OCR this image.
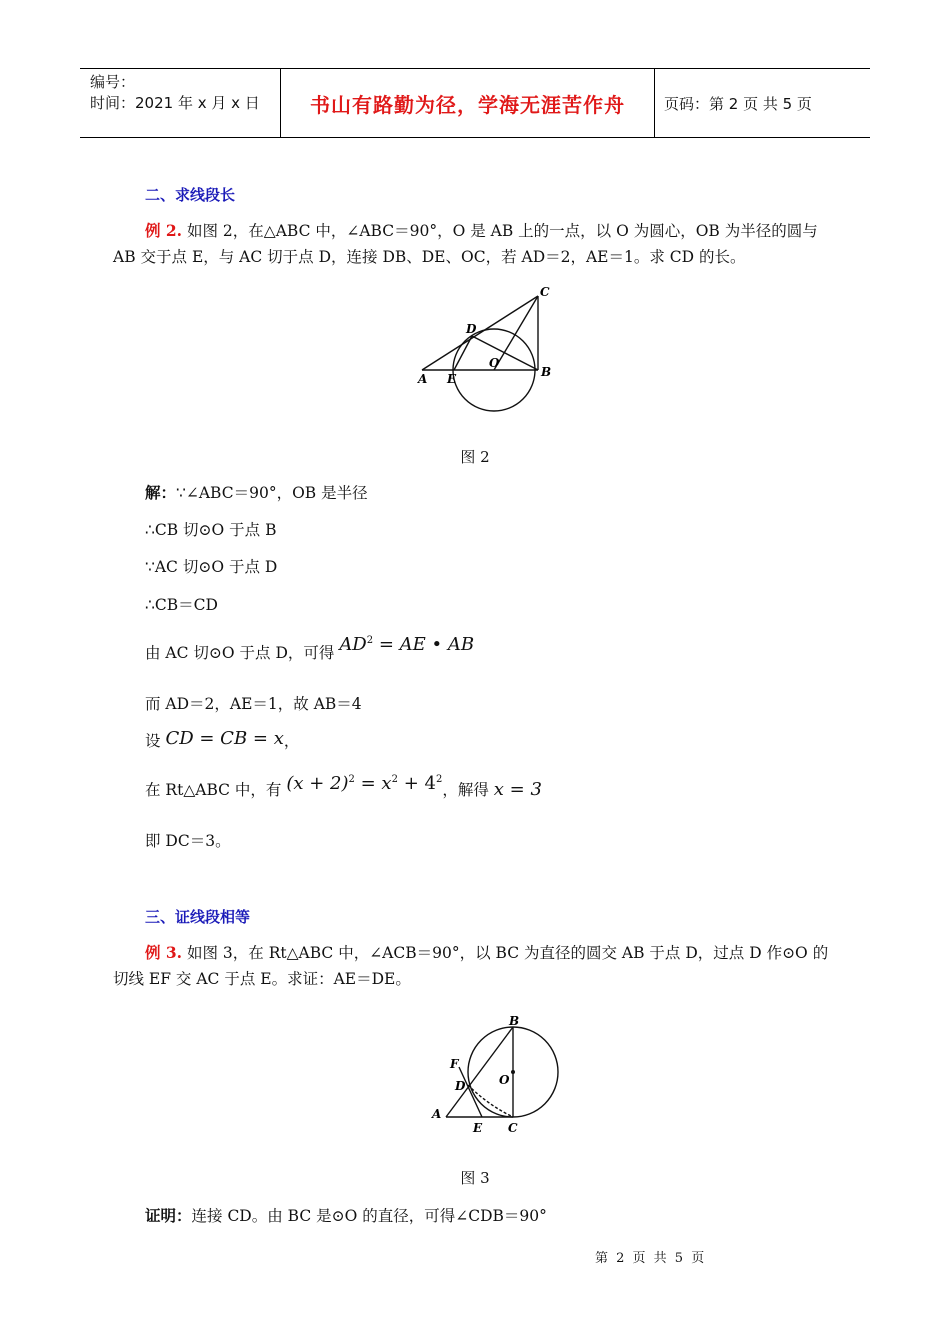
编号：
时间：2021 年 x 月 x 日	书山有路勤为径，学海无涯苦作舟	页码：第 2 页 共 5 页
二、求线段长
例 2. 如图 2，在△ABC 中，∠ABC＝90°，O 是 AB 上的一点，以 O 为圆心，OB 为半径的圆与 AB 交于点 E，与 AC 切于点 D，连接 DB、DE、OC，若 AD＝2，AE＝1。求 CD 的长。
C
D
O
A E	B
图 2
解：∵∠ABC＝90°，OB 是半径
∴CB 切⊙O 于点 B
∵AC 切⊙O 于点 D
∴CB＝CD
由 AC 切⊙O 于点 D，可得 $AD^2$ = AE • AB
而 AD＝2，AE＝1，故 AB＝4
设 CD = CB = x，
在 Rt△ABC 中，有 $(x + 2)^2 = x^2 + 4^2$，解得 x = 3
即 DC＝3。
三、证线段相等
例 3. 如图 3，在 Rt△ABC 中，∠ACB＝90°，以 BC 为直径的圆交 AB 于点 D，过点 D 作⊙O 的切线 EF 交 AC 于点 E。求证：AE＝DE。
B
F
D	O
A
E C
图 3
证明：连接 CD。由 BC 是⊙O 的直径，可得∠CDB＝90°
第 2 页 共 5 页
